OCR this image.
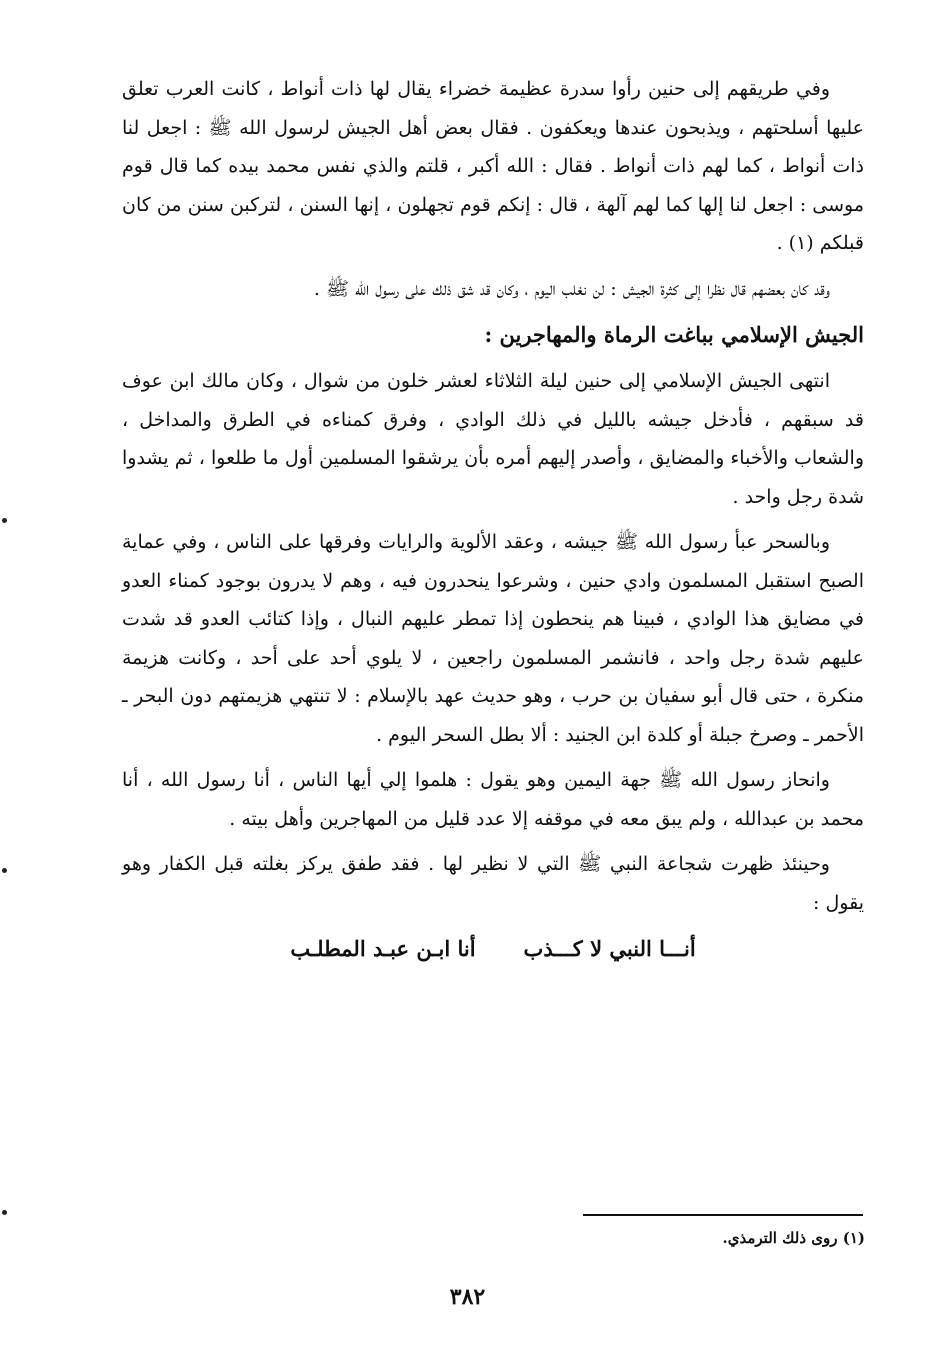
وفي طريقهم إلى حنين رأوا سدرة عظيمة خضراء يقال لها ذات أنواط ، كانت العرب تعلق عليها أسلحتهم ، ويذبحون عندها ويعكفون . فقال بعض أهل الجيش لرسول الله ﷺ : اجعل لنا ذات أنواط ، كما لهم ذات أنواط . فقال : الله أكبر ، قلتم والذي نفس محمد بيده كما قال قوم موسى : اجعل لنا إلها كما لهم آلهة ، قال : إنكم قوم تجهلون ، إنها السنن ، لتركبن سنن من كان قبلكم (١) .

وقد كان بعضهم قال نظرا إلى كثرة الجيش : لن نغلب اليوم ، وكان قد شق ذلك على رسول الله ﷺ .

الجيش الإسلامي بباغت الرماة والمهاجرين :

انتهى الجيش الإسلامي إلى حنين ليلة الثلاثاء لعشر خلون من شوال ، وكان مالك ابن عوف قد سبقهم ، فأدخل جيشه بالليل في ذلك الوادي ، وفرق كمناءه في الطرق والمداخل ، والشعاب والأخباء والمضايق ، وأصدر إليهم أمره بأن يرشقوا المسلمين أول ما طلعوا ، ثم يشدوا شدة رجل واحد .

وبالسحر عبأ رسول الله ﷺ جيشه ، وعقد الألوية والرايات وفرقها على الناس ، وفي عماية الصبح استقبل المسلمون وادي حنين ، وشرعوا ينحدرون فيه ، وهم لا يدرون بوجود كمناء العدو في مضايق هذا الوادي ، فبينا هم ينحطون إذا تمطر عليهم النبال ، وإذا كتائب العدو قد شدت عليهم شدة رجل واحد ، فانشمر المسلمون راجعين ، لا يلوي أحد على أحد ، وكانت هزيمة منكرة ، حتى قال أبو سفيان بن حرب ، وهو حديث عهد بالإسلام : لا تنتهي هزيمتهم دون البحر ـ الأحمر ـ وصرخ جبلة أو كلدة ابن الجنيد : ألا بطل السحر اليوم .

وانحاز رسول الله ﷺ جهة اليمين وهو يقول : هلموا إلي أيها الناس ، أنا رسول الله ، أنا محمد بن عبدالله ، ولم يبق معه في موقفه إلا عدد قليل من المهاجرين وأهل بيته .

وحينئذ ظهرت شجاعة النبي ﷺ التي لا نظير لها . فقد طفق يركز بغلته قبل الكفار وهو يقول :

أنـــا النبي لا كـــذب
أنا ابـن عبـد المطلـب
(١) روى ذلك الترمذي.
٣٨٢
